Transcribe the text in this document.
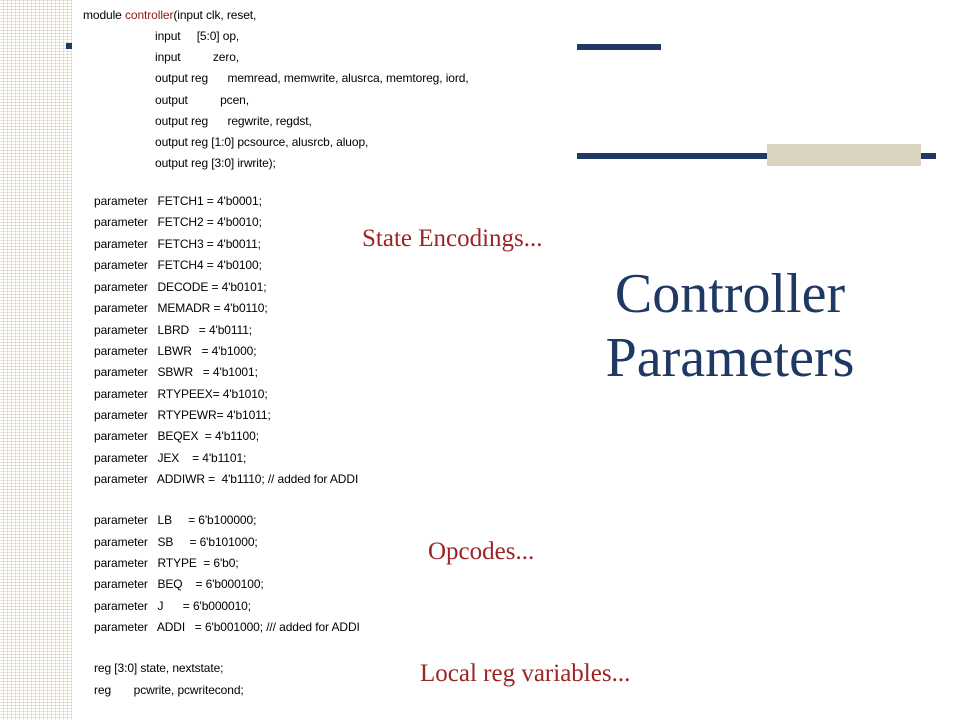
module controller(input clk, reset,

input     [5:0] op,

input          zero,

output reg      memread, memwrite, alusrca, memtoreg, iord,

output          pcen,

output reg      regwrite, regdst,

output reg [1:0] pcsource, alusrcb, aluop,

output reg [3:0] irwrite);

parameter   FETCH1 = 4'b0001;

parameter   FETCH2 = 4'b0010;

parameter   FETCH3 = 4'b0011;

parameter   FETCH4 = 4'b0100;

parameter   DECODE = 4'b0101;

parameter   MEMADR = 4'b0110;

parameter   LBRD   = 4'b0111;

parameter   LBWR   = 4'b1000;

parameter   SBWR   = 4'b1001;

parameter   RTYPEEX= 4'b1010;

parameter   RTYPEWR= 4'b1011;

parameter   BEQEX  = 4'b1100;

parameter   JEX    = 4'b1101;

parameter   ADDIWR =  4'b1110; // added for ADDI

parameter   LB     = 6'b100000;

parameter   SB     = 6'b101000;

parameter   RTYPE  = 6'b0;

parameter   BEQ    = 6'b000100;

parameter   J      = 6'b000010;

parameter   ADDI   = 6'b001000; /// added for ADDI

reg [3:0] state, nextstate;

reg       pcwrite, pcwritecond;

Controller
Parameters
State Encodings...
Opcodes...
Local reg variables...
